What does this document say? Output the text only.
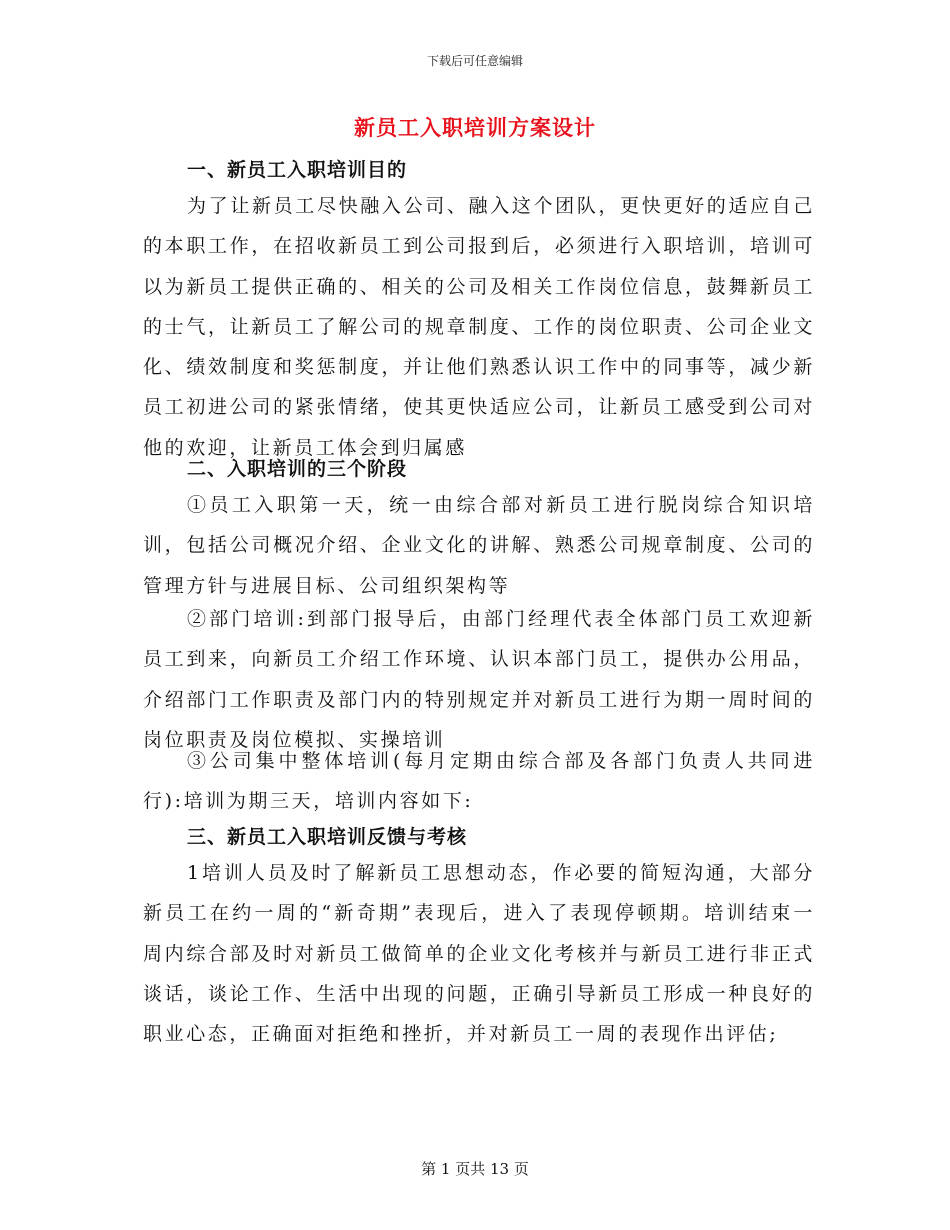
下载后可任意编辑
新员工入职培训方案设计
一、新员工入职培训目的
为了让新员工尽快融入公司、融入这个团队，更快更好的适应自己的本职工作，在招收新员工到公司报到后，必须进行入职培训，培训可以为新员工提供正确的、相关的公司及相关工作岗位信息，鼓舞新员工的士气，让新员工了解公司的规章制度、工作的岗位职责、公司企业文化、绩效制度和奖惩制度，并让他们熟悉认识工作中的同事等，减少新员工初进公司的紧张情绪，使其更快适应公司，让新员工感受到公司对他的欢迎，让新员工体会到归属感
二、入职培训的三个阶段
①员工入职第一天，统一由综合部对新员工进行脱岗综合知识培训，包括公司概况介绍、企业文化的讲解、熟悉公司规章制度、公司的管理方针与进展目标、公司组织架构等
②部门培训:到部门报导后，由部门经理代表全体部门员工欢迎新员工到来，向新员工介绍工作环境、认识本部门员工，提供办公用品，介绍部门工作职责及部门内的特别规定并对新员工进行为期一周时间的岗位职责及岗位模拟、实操培训
③公司集中整体培训(每月定期由综合部及各部门负责人共同进行):培训为期三天，培训内容如下:
三、新员工入职培训反馈与考核
1培训人员及时了解新员工思想动态，作必要的简短沟通，大部分新员工在约一周的“新奇期”表现后，进入了表现停顿期。培训结束一周内综合部及时对新员工做简单的企业文化考核并与新员工进行非正式谈话，谈论工作、生活中出现的问题，正确引导新员工形成一种良好的职业心态，正确面对拒绝和挫折，并对新员工一周的表现作出评估;
第 1 页共 13 页
